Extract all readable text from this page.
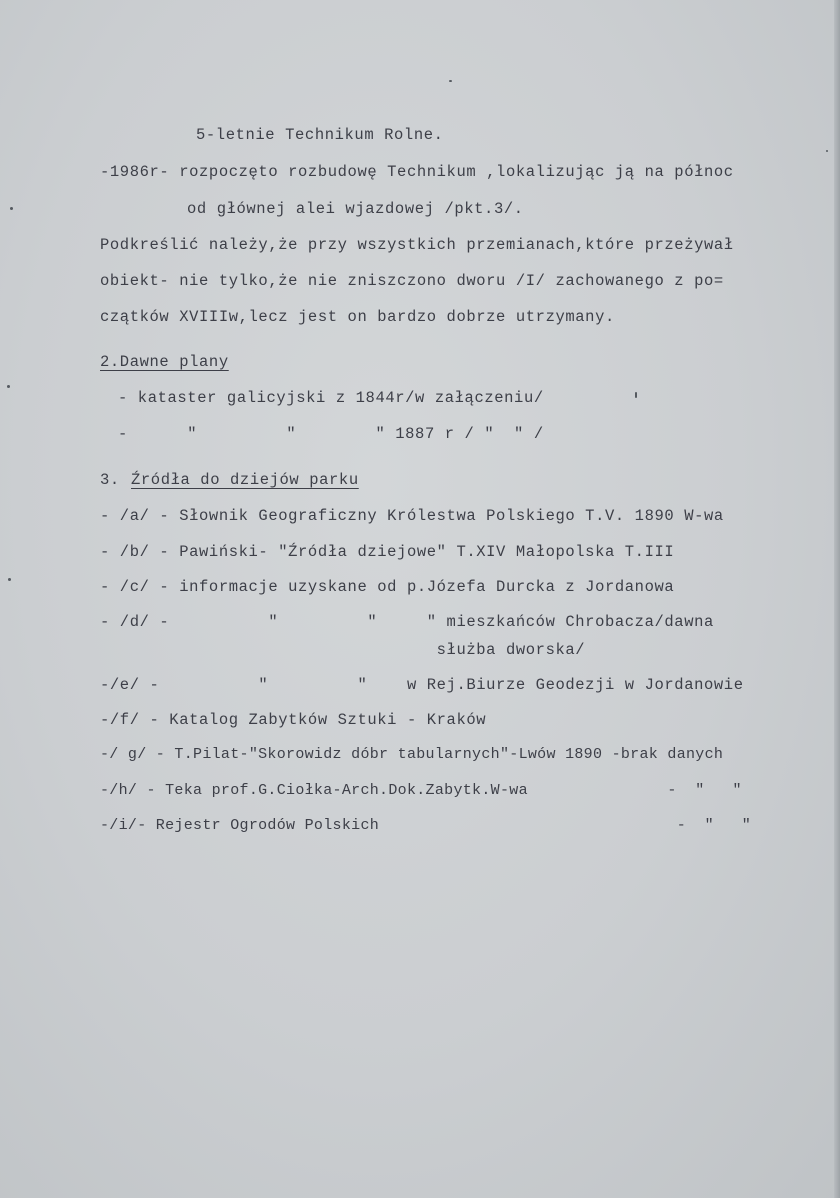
5-letnie Technikum Rolne.
-1986r- rozpoczęto rozbudowę Technikum ,lokalizując ją na północ
od głównej alei wjazdowej /pkt.3/.
Podkreślić należy,że przy wszystkich przemianach,które przeżywał
obiekt- nie tylko,że nie zniszczono dworu /I/ zachowanego z po=
czątków XVIIIw,lecz jest on bardzo dobrze utrzymany.
2.Dawne plany
- kataster galicyjski z 1844r/w załączeniu/
-      "         "        " 1887 r / "  " /
3. Źródła do dziejów parku
- /a/ - Słownik Geograficzny Królestwa Polskiego T.V. 1890 W-wa
- /b/ - Pawiński- "Źródła dziejowe" T.XIV Małopolska T.III
- /c/ - informacje uzyskane od p.Józefa Durcka z Jordanowa
- /d/ -          "         "     " mieszkańców Chrobacza/dawna
służba dworska/
-/e/ -          "         "    w Rej.Biurze Geodezji w Jordanowie
-/f/ - Katalog Zabytków Sztuki - Kraków
-/ g/ - T.Pilat-"Skorowidz dóbr tabularnych"-Lwów 1890 -brak danych
-/h/ - Teka prof.G.Ciołka-Arch.Dok.Zabytk.W-wa               -  "   "
-/i/- Rejestr Ogrodów Polskich                                -  "   "
